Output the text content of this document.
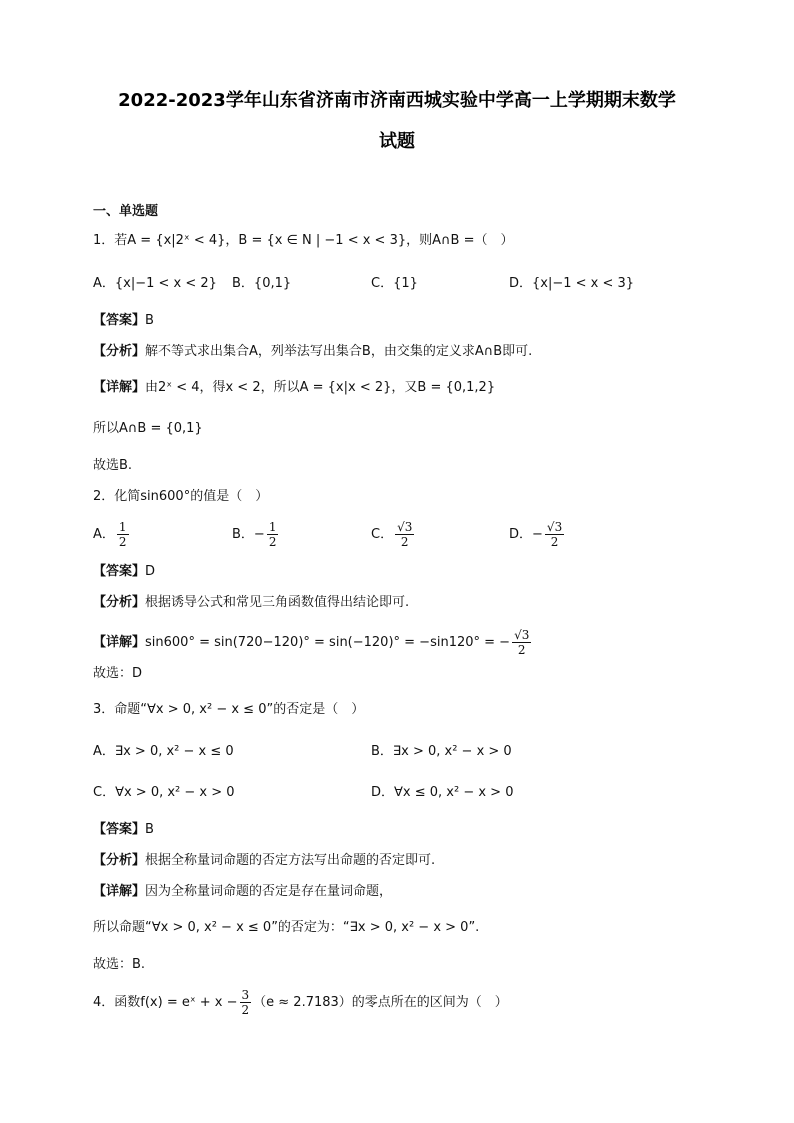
2022-2023学年山东省济南市济南西城实验中学高一上学期期末数学
试题
一、单选题
1．若A = {x|2ˣ < 4}，B = {x ∈ N | −1 < x < 3}，则A∩B =（　）
A．{x|−1 < x < 2} B．{0,1}	C．{1}	D．{x|−1 < x < 3}
【答案】B
【分析】解不等式求出集合A，列举法写出集合B，由交集的定义求A∩B即可.
【详解】由2ˣ < 4，得x < 2，所以A = {x|x < 2}，又B = {0,1,2}
所以A∩B = {0,1}
故选B.
2．化简sin600°的值是（　）
A． $\frac{1}{2}$	B．− $\frac{1}{2}$	C． $\frac{√3}{2}$	D．− $\frac{√3}{2}$
【答案】D
【分析】根据诱导公式和常见三角函数值得出结论即可.
【详解】sin600° = sin(720−120)° = sin(−120)° = −sin120° = − $\frac{√3}{2}$
故选：D
3．命题“∀x > 0, x² − x ≤ 0”的否定是（　）
A．∃x > 0, x² − x ≤ 0	B．∃x > 0, x² − x > 0
C．∀x > 0, x² − x > 0	D．∀x ≤ 0, x² − x > 0
【答案】B
【分析】根据全称量词命题的否定方法写出命题的否定即可.
【详解】因为全称量词命题的否定是存在量词命题，
所以命题“∀x > 0, x² − x ≤ 0”的否定为：“∃x > 0, x² − x > 0”.
故选：B.
4．函数f(x) = eˣ + $x - \frac{3}{2} (e \approx 2.7183)$的零点所在的区间为（　）
